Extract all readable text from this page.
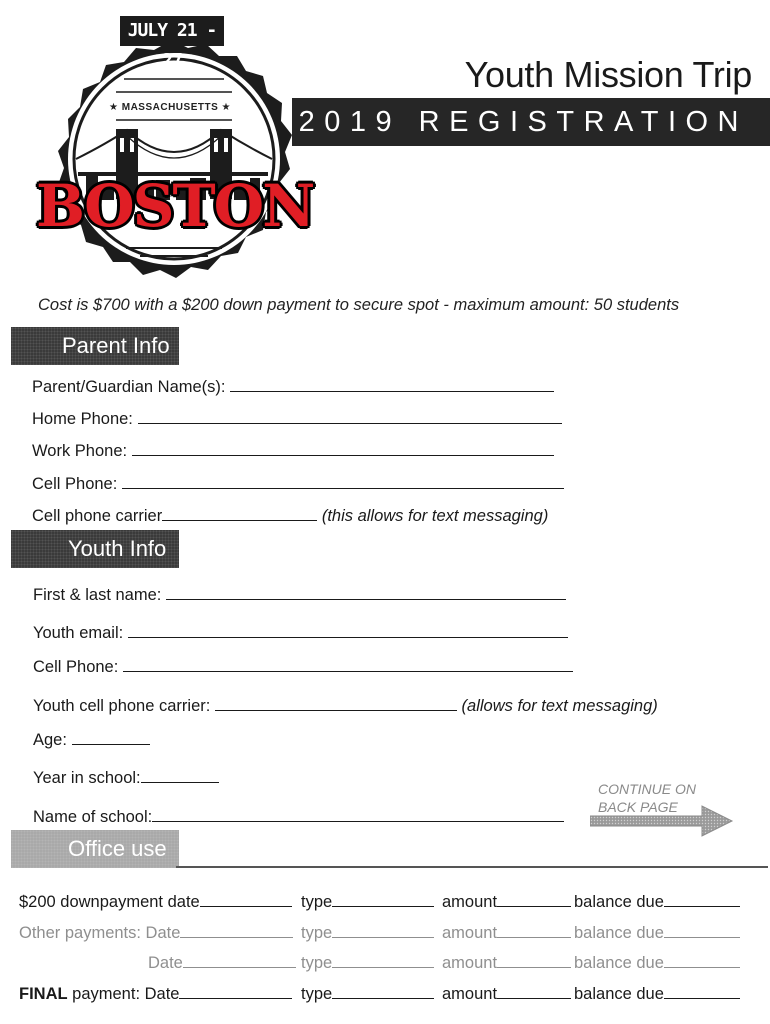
JULY 21 - 27
★ MASSACHUSETTS ★
BOSTON
Youth Mission Trip
2019 REGISTRATION
Cost is $700 with a $200 down payment to secure spot - maximum amount: 50 students
Parent Info
Parent/Guardian Name(s):
Home Phone:
Work Phone:
Cell Phone:
Cell phone carrier	(this allows for text messaging)
Youth Info
First & last name:
Youth email:
Cell Phone:
Youth cell phone carrier:	(allows for text messaging)
Age:
Year in school:
Name of school:
CONTINUE ON
BACK PAGE
Office use
$200 downpayment date	type	amount	balance due
Other payments: Date	type	amount	balance due
Date	type	amount	balance due
FINAL payment: Date	type	amount	balance due
